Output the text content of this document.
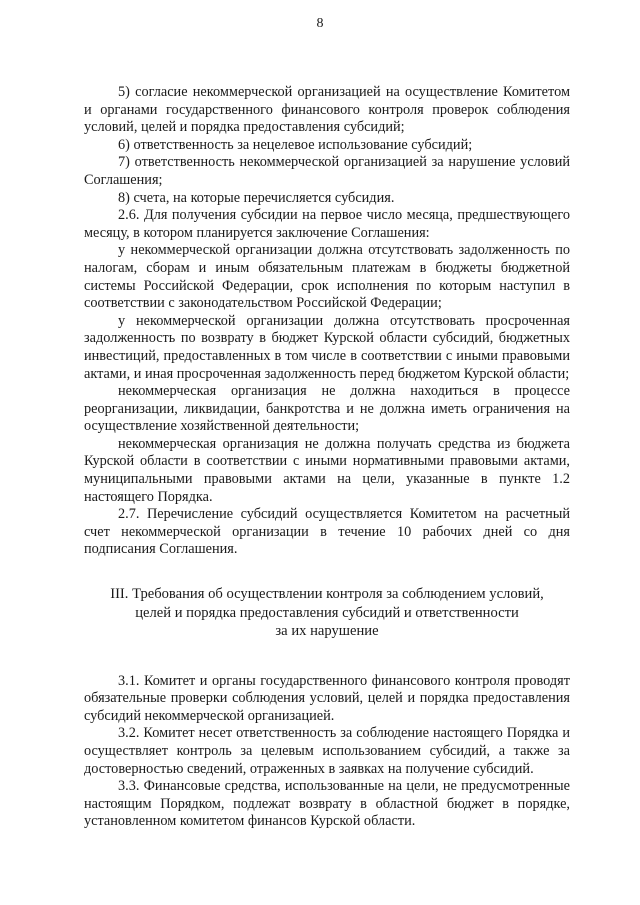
8

5) согласие некоммерческой организацией на осуществление Комитетом и органами государственного финансового контроля проверок соблюдения условий, целей и порядка предоставления субсидий;

6) ответственность за нецелевое использование субсидий;

7) ответственность некоммерческой организацией за нарушение условий Соглашения;

8) счета, на которые перечисляется субсидия.

2.6. Для получения субсидии на первое число месяца, предшествующего месяцу, в котором планируется заключение Соглашения:

у некоммерческой организации должна отсутствовать задолженность по налогам, сборам и иным обязательным платежам в бюджеты бюджетной системы Российской Федерации, срок исполнения по которым наступил в соответствии с законодательством Российской Федерации;

у некоммерческой организации должна отсутствовать просроченная задолженность по возврату в бюджет Курской области субсидий, бюджетных инвестиций, предоставленных в том числе в соответствии с иными правовыми актами, и иная просроченная задолженность перед бюджетом Курской области;

некоммерческая организация не должна находиться в процессе реорганизации, ликвидации, банкротства и не должна иметь ограничения на осуществление хозяйственной деятельности;

некоммерческая организация не должна получать средства из бюджета Курской области в соответствии с иными нормативными правовыми актами, муниципальными правовыми актами на цели, указанные в пункте 1.2 настоящего Порядка.

2.7. Перечисление субсидий осуществляется Комитетом на расчетный счет некоммерческой организации в течение 10 рабочих дней со дня подписания Соглашения.

III. Требования об осуществлении контроля за соблюдением условий,
целей и порядка предоставления субсидий и ответственности
за их нарушение

3.1. Комитет и органы государственного финансового контроля проводят обязательные проверки соблюдения условий, целей и порядка предоставления субсидий некоммерческой организацией.

3.2. Комитет несет ответственность за соблюдение настоящего Порядка и осуществляет контроль за целевым использованием субсидий, а также за достоверностью сведений, отраженных в заявках на получение субсидий.

3.3. Финансовые средства, использованные на цели, не предусмотренные настоящим Порядком, подлежат возврату в областной бюджет в порядке, установленном комитетом финансов Курской области.
